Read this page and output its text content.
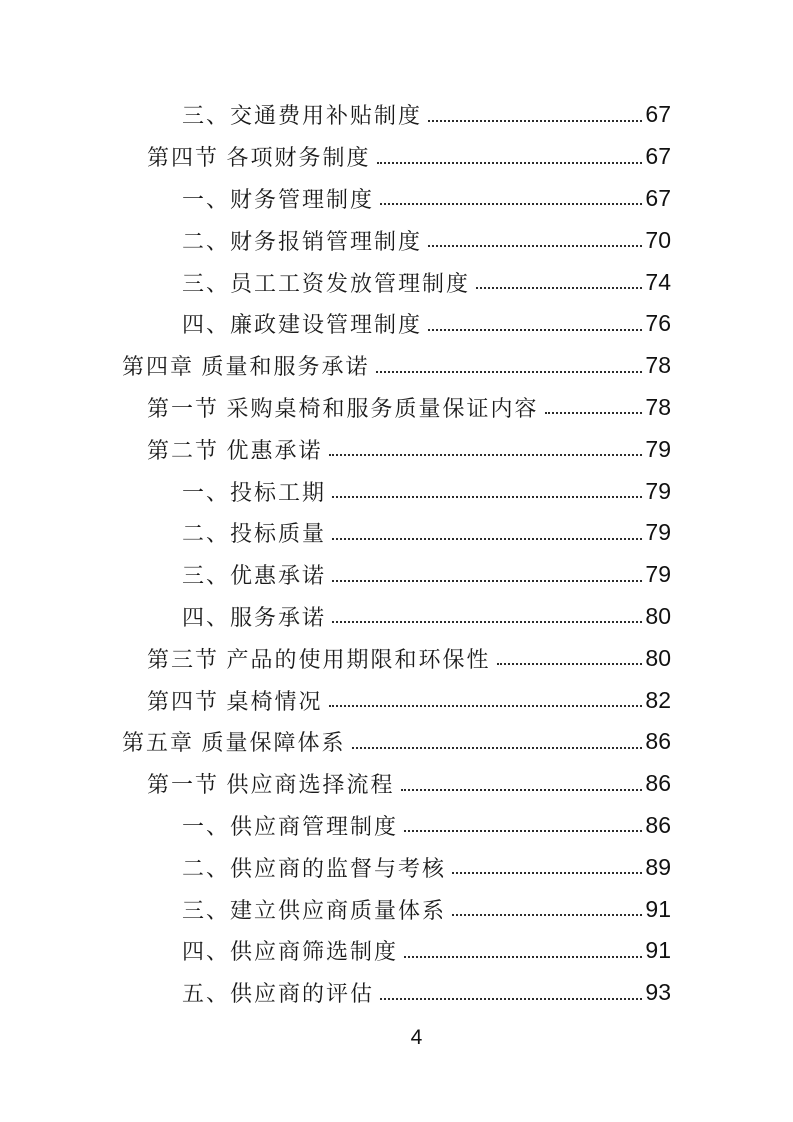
三、交通费用补贴制度	67
第四节 各项财务制度	67
一、财务管理制度	67
二、财务报销管理制度	70
三、员工工资发放管理制度	74
四、廉政建设管理制度	76
第四章 质量和服务承诺	78
第一节 采购桌椅和服务质量保证内容	78
第二节 优惠承诺	79
一、投标工期	79
二、投标质量	79
三、优惠承诺	79
四、服务承诺	80
第三节 产品的使用期限和环保性	80
第四节 桌椅情况	82
第五章 质量保障体系	86
第一节 供应商选择流程	86
一、供应商管理制度	86
二、供应商的监督与考核	89
三、建立供应商质量体系	91
四、供应商筛选制度	91
五、供应商的评估	93
4
